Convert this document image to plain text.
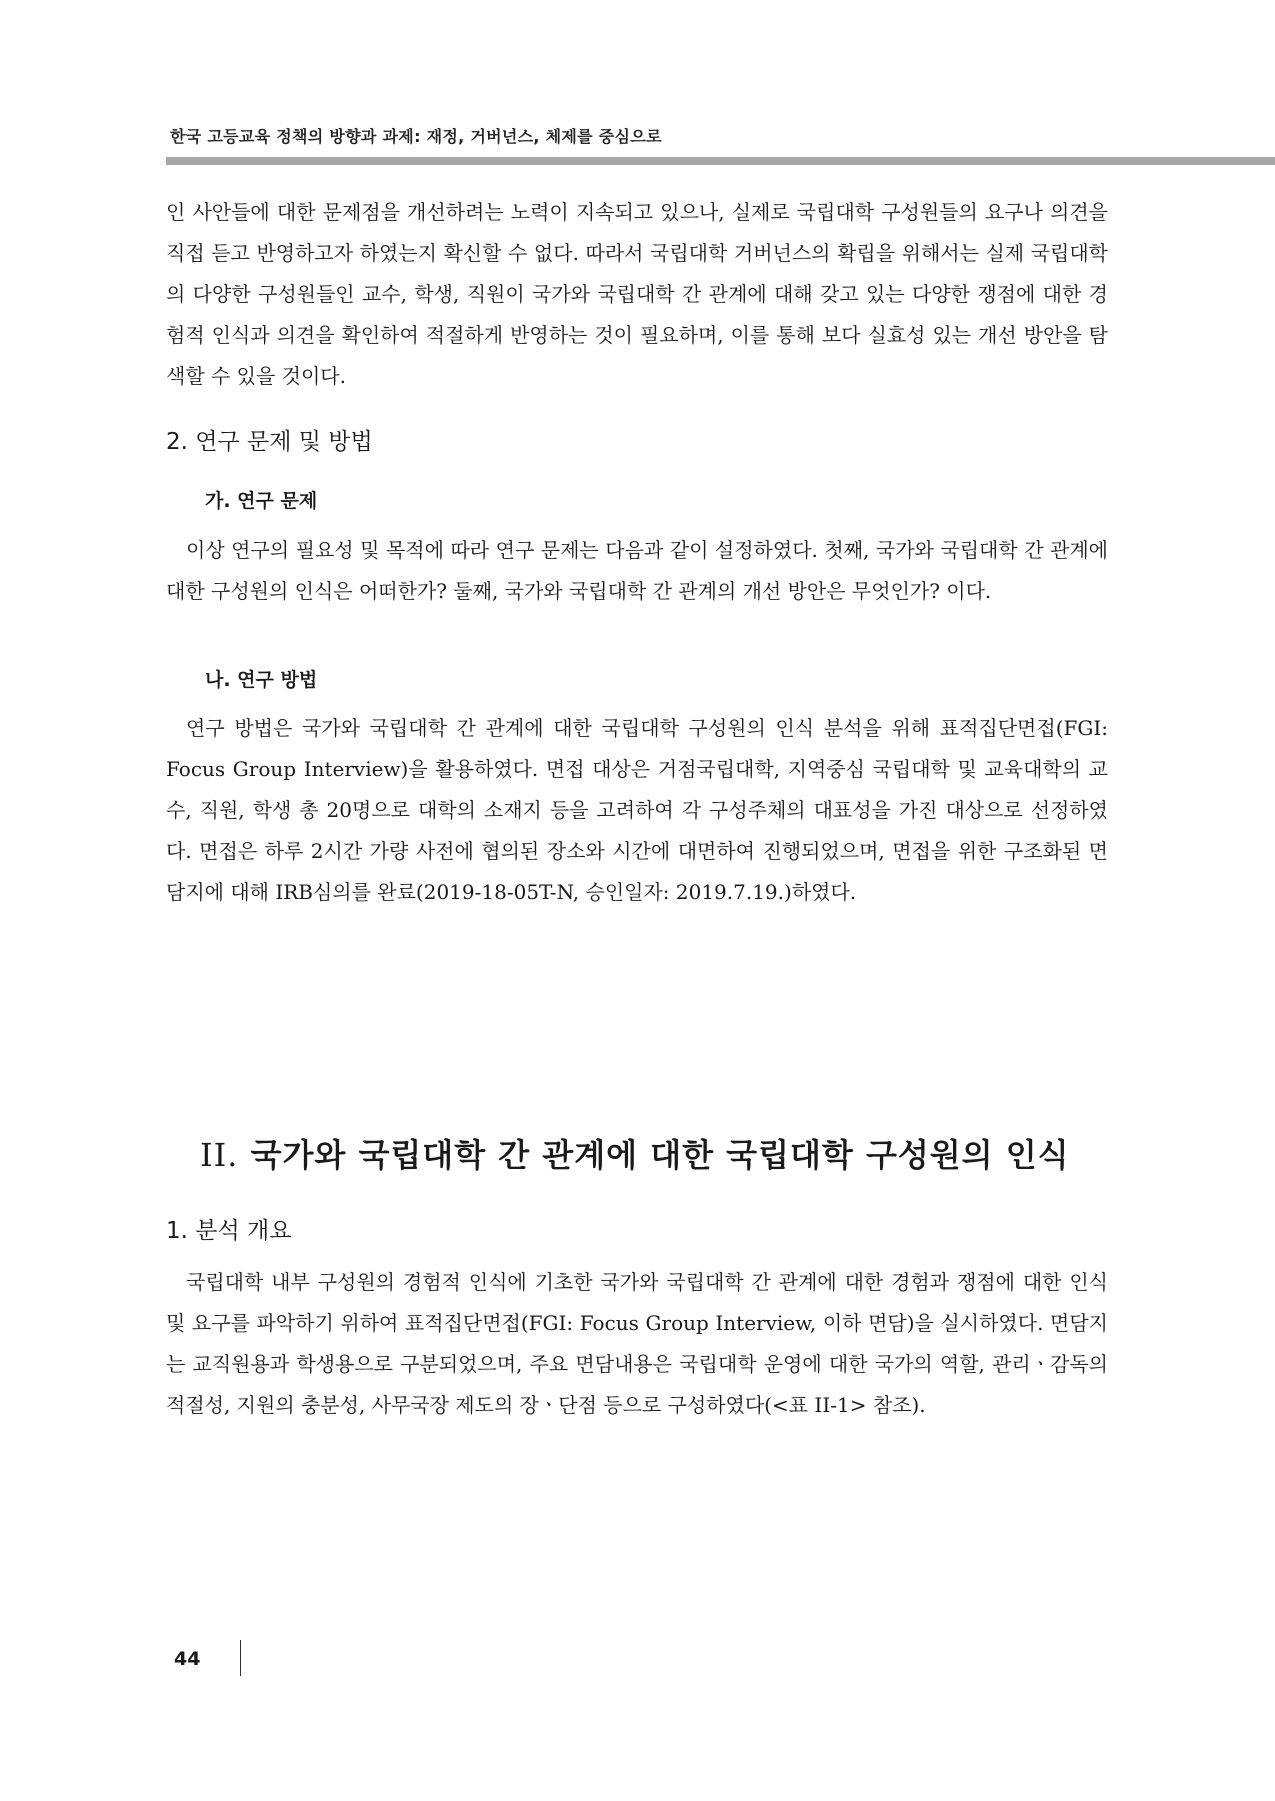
한국 고등교육 정책의 방향과 과제: 재정, 거버넌스, 체제를 중심으로

인 사안들에 대한 문제점을 개선하려는 노력이 지속되고 있으나, 실제로 국립대학 구성원들의 요구나 의견을 직접 듣고 반영하고자 하였는지 확신할 수 없다. 따라서 국립대학 거버넌스의 확립을 위해서는 실제 국립대학의 다양한 구성원들인 교수, 학생, 직원이 국가와 국립대학 간 관계에 대해 갖고 있는 다양한 쟁점에 대한 경험적 인식과 의견을 확인하여 적절하게 반영하는 것이 필요하며, 이를 통해 보다 실효성 있는 개선 방안을 탐색할 수 있을 것이다.

2. 연구 문제 및 방법
가. 연구 문제

이상 연구의 필요성 및 목적에 따라 연구 문제는 다음과 같이 설정하였다. 첫째, 국가와 국립대학 간 관계에 대한 구성원의 인식은 어떠한가? 둘째, 국가와 국립대학 간 관계의 개선 방안은 무엇인가? 이다.

나. 연구 방법

연구 방법은 국가와 국립대학 간 관계에 대한 국립대학 구성원의 인식 분석을 위해 표적집단면접(FGI: Focus Group Interview)을 활용하였다. 면접 대상은 거점국립대학, 지역중심 국립대학 및 교육대학의 교수, 직원, 학생 총 20명으로 대학의 소재지 등을 고려하여 각 구성주체의 대표성을 가진 대상으로 선정하였다. 면접은 하루 2시간 가량 사전에 협의된 장소와 시간에 대면하여 진행되었으며, 면접을 위한 구조화된 면담지에 대해 IRB심의를 완료(2019-18-05T-N, 승인일자: 2019.7.19.)하였다.

II. 국가와 국립대학 간 관계에 대한 국립대학 구성원의 인식
1. 분석 개요

국립대학 내부 구성원의 경험적 인식에 기초한 국가와 국립대학 간 관계에 대한 경험과 쟁점에 대한 인식 및 요구를 파악하기 위하여 표적집단면접(FGI: Focus Group Interview, 이하 면담)을 실시하였다. 면담지는 교직원용과 학생용으로 구분되었으며, 주요 면담내용은 국립대학 운영에 대한 국가의 역할, 관리ㆍ감독의 적절성, 지원의 충분성, 사무국장 제도의 장ㆍ단점 등으로 구성하였다(<표 II-1> 참조).

44
